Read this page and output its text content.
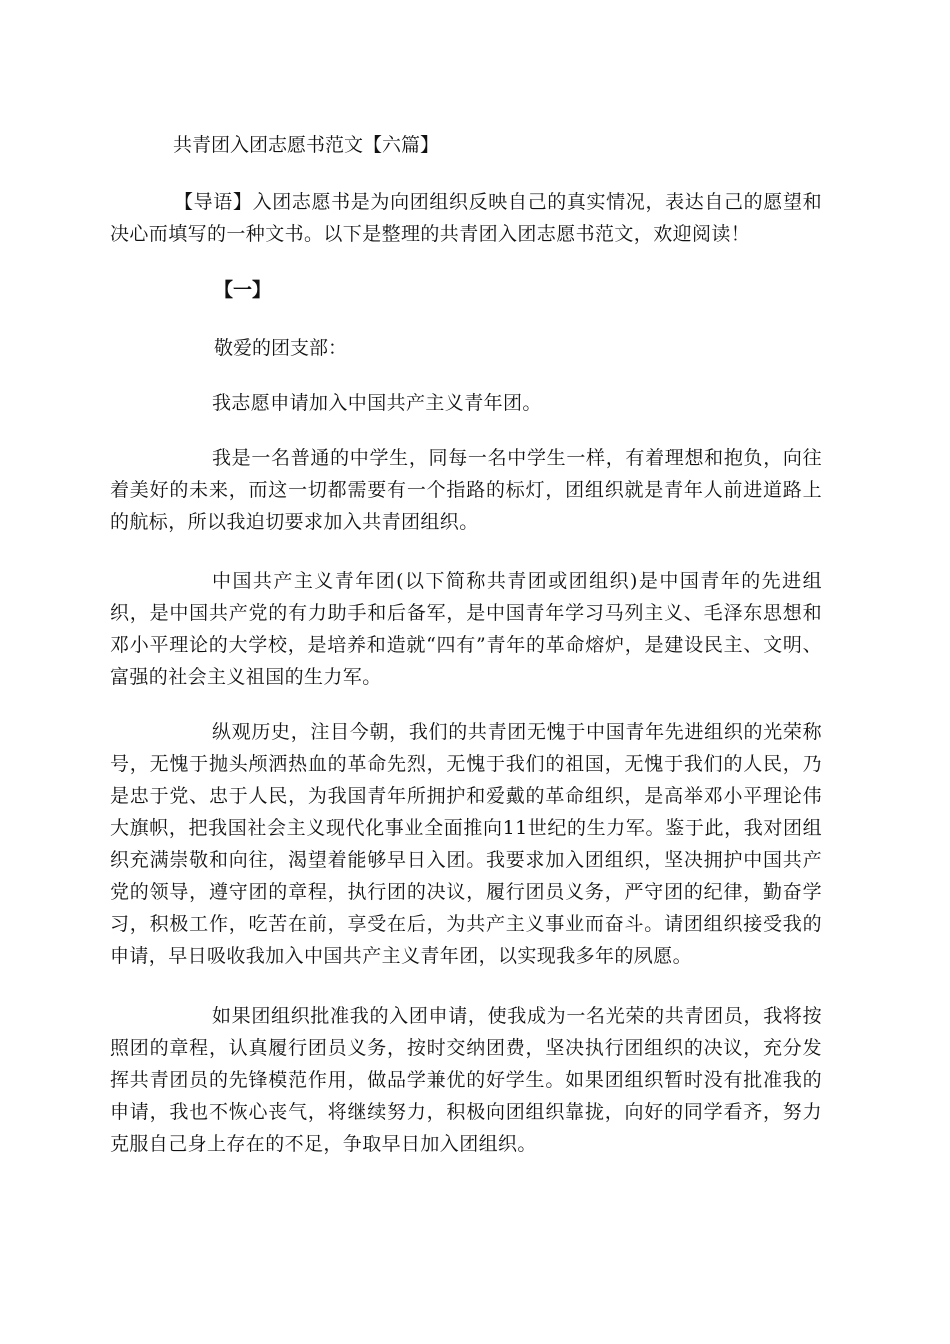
共青团入团志愿书范文【六篇】

【导语】入团志愿书是为向团组织反映自己的真实情况，表达自己的愿望和决心而填写的一种文书。以下是整理的共青团入团志愿书范文，欢迎阅读！

【一】

敬爱的团支部：

我志愿申请加入中国共产主义青年团。

我是一名普通的中学生，同每一名中学生一样，有着理想和抱负，向往着美好的未来，而这一切都需要有一个指路的标灯，团组织就是青年人前进道路上的航标，所以我迫切要求加入共青团组织。

中国共产主义青年团(以下简称共青团或团组织)是中国青年的先进组织，是中国共产党的有力助手和后备军，是中国青年学习马列主义、毛泽东思想和邓小平理论的大学校，是培养和造就“四有”青年的革命熔炉，是建设民主、文明、富强的社会主义祖国的生力军。

纵观历史，注目今朝，我们的共青团无愧于中国青年先进组织的光荣称号，无愧于抛头颅洒热血的革命先烈，无愧于我们的祖国，无愧于我们的人民，乃是忠于党、忠于人民，为我国青年所拥护和爱戴的革命组织，是高举邓小平理论伟大旗帜，把我国社会主义现代化事业全面推向11世纪的生力军。鉴于此，我对团组织充满崇敬和向往，渴望着能够早日入团。我要求加入团组织，坚决拥护中国共产党的领导，遵守团的章程，执行团的决议，履行团员义务，严守团的纪律，勤奋学习，积极工作，吃苦在前，享受在后，为共产主义事业而奋斗。请团组织接受我的申请，早日吸收我加入中国共产主义青年团，以实现我多年的夙愿。

如果团组织批准我的入团申请，使我成为一名光荣的共青团员，我将按照团的章程，认真履行团员义务，按时交纳团费，坚决执行团组织的决议，充分发挥共青团员的先锋模范作用，做品学兼优的好学生。如果团组织暂时没有批准我的申请，我也不恢心丧气，将继续努力，积极向团组织靠拢，向好的同学看齐，努力克服自己身上存在的不足，争取早日加入团组织。
